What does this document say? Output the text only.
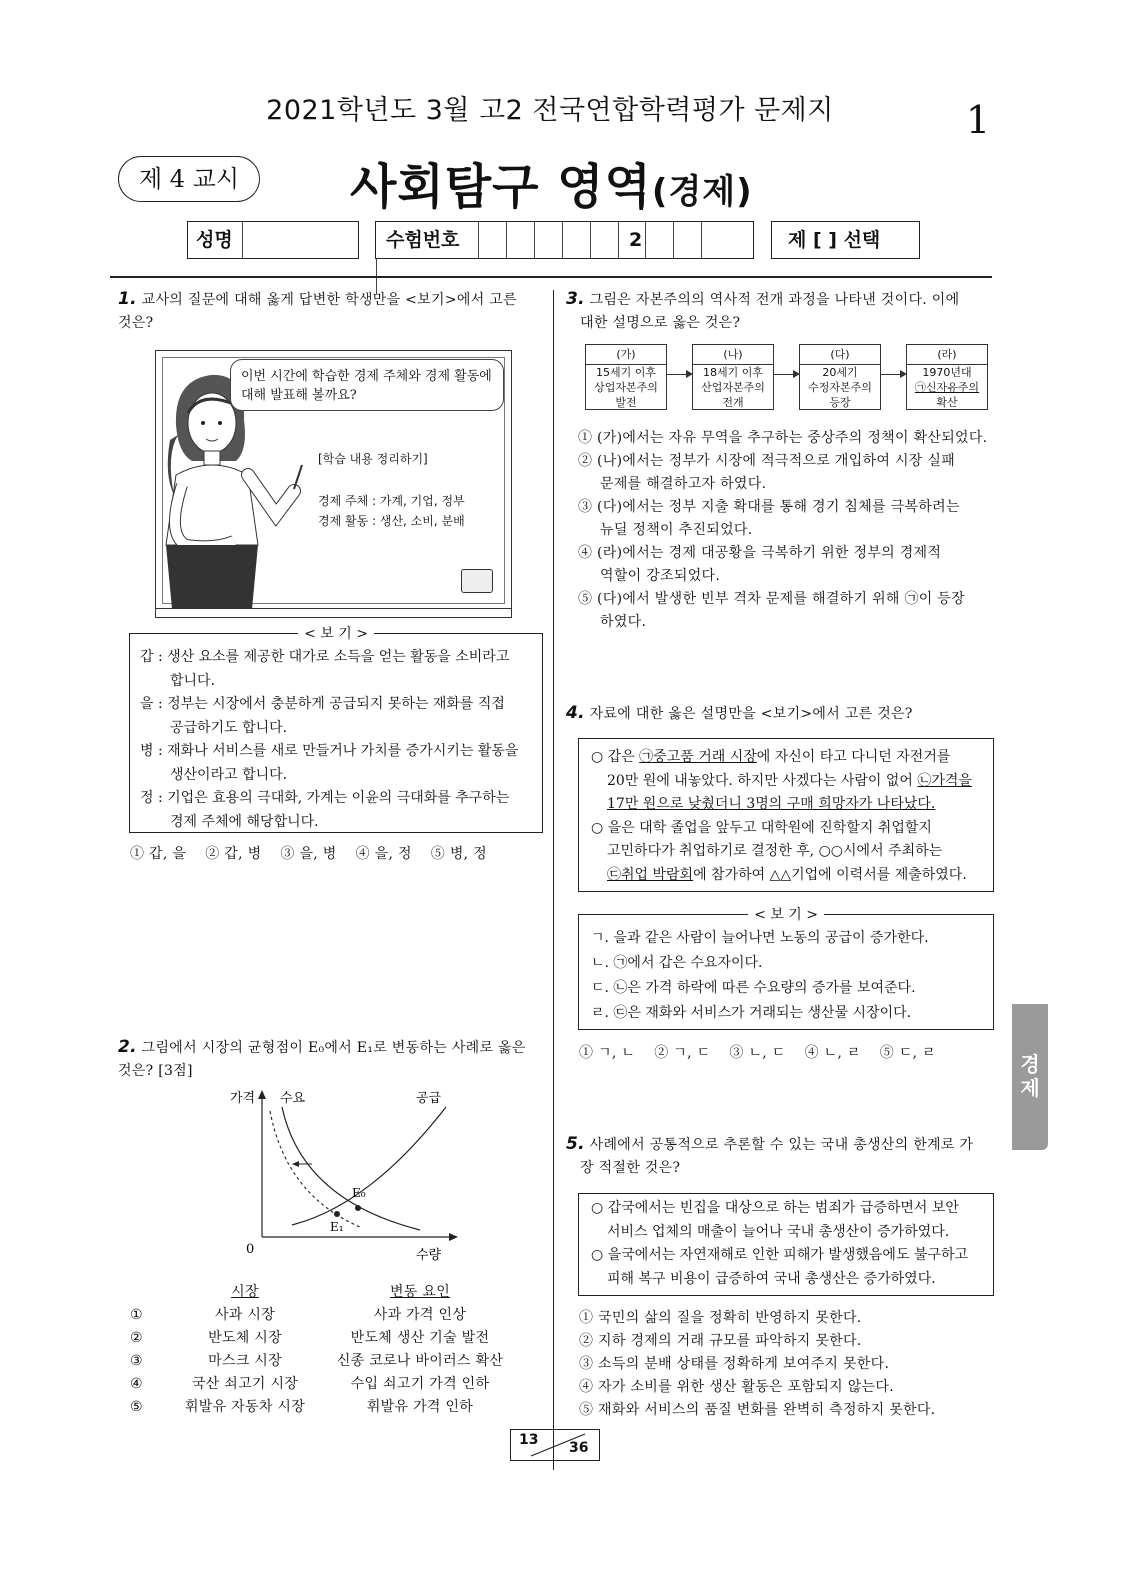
2021학년도 3월 고2 전국연합학력평가 문제지	1
제 4 교시	사회탐구 영역(경제)
성명	수험번호	2	제 [ ] 선택
1. 교사의 질문에 대해 옳게 답변한 학생만을 <보기>에서 고른
것은?
이번 시간에 학습한 경제 주체와 경제 활동에
대해 발표해 볼까요?
[학습 내용 정리하기]
경제 주체 : 가계, 기업, 정부
경제 활동 : 생산, 소비, 분배
< 보 기 >
갑 : 생산 요소를 제공한 대가로 소득을 얻는 활동을 소비라고
합니다.
을 : 정부는 시장에서 충분하게 공급되지 못하는 재화를 직접
공급하기도 합니다.
병 : 재화나 서비스를 새로 만들거나 가치를 증가시키는 활동을
생산이라고 합니다.
정 : 기업은 효용의 극대화, 가계는 이윤의 극대화를 추구하는
경제 주체에 해당합니다.
① 갑, 을    ② 갑, 병    ③ 을, 병    ④ 을, 정    ⑤ 병, 정
2. 그림에서 시장의 균형점이 E₀에서 E₁로 변동하는 사례로 옳은
것은? [3점]
가격 수요	공급
E₀
E₁
0	수량
시장	변동 요인
①	사과 시장	사과 가격 인상
②	반도체 시장	반도체 생산 기술 발전
③	마스크 시장	신종 코로나 바이러스 확산
④	국산 쇠고기 시장	수입 쇠고기 가격 인하
⑤	휘발유 자동차 시장	휘발유 가격 인하
3. 그림은 자본주의의 역사적 전개 과정을 나타낸 것이다. 이에
대한 설명으로 옳은 것은?
(가)
15세기 이후
상업자본주의
발전
(나)
18세기 이후
산업자본주의
전개
(다)
20세기
수정자본주의
등장
(라)
1970년대
㉠신자유주의
확산
① (가)에서는 자유 무역을 추구하는 중상주의 정책이 확산되었다.
② (나)에서는 정부가 시장에 적극적으로 개입하여 시장 실패
문제를 해결하고자 하였다.
③ (다)에서는 정부 지출 확대를 통해 경기 침체를 극복하려는
뉴딜 정책이 추진되었다.
④ (라)에서는 경제 대공황을 극복하기 위한 정부의 경제적
역할이 강조되었다.
⑤ (다)에서 발생한 빈부 격차 문제를 해결하기 위해 ㉠이 등장
하였다.
4. 자료에 대한 옳은 설명만을 <보기>에서 고른 것은?
○ 갑은 ㉠중고품 거래 시장에 자신이 타고 다니던 자전거를
20만 원에 내놓았다. 하지만 사겠다는 사람이 없어 ㉡가격을
17만 원으로 낮췄더니 3명의 구매 희망자가 나타났다.
○ 을은 대학 졸업을 앞두고 대학원에 진학할지 취업할지
고민하다가 취업하기로 결정한 후, ○○시에서 주최하는
㉢취업 박람회에 참가하여 △△기업에 이력서를 제출하였다.
< 보 기 >
ㄱ. 을과 같은 사람이 늘어나면 노동의 공급이 증가한다.
ㄴ. ㉠에서 갑은 수요자이다.
ㄷ. ㉡은 가격 하락에 따른 수요량의 증가를 보여준다.
ㄹ. ㉢은 재화와 서비스가 거래되는 생산물 시장이다.
① ㄱ, ㄴ    ② ㄱ, ㄷ    ③ ㄴ, ㄷ    ④ ㄴ, ㄹ    ⑤ ㄷ, ㄹ
5. 사례에서 공통적으로 추론할 수 있는 국내 총생산의 한계로 가
장 적절한 것은?
○ 갑국에서는 빈집을 대상으로 하는 범죄가 급증하면서 보안
서비스 업체의 매출이 늘어나 국내 총생산이 증가하였다.
○ 을국에서는 자연재해로 인한 피해가 발생했음에도 불구하고
피해 복구 비용이 급증하여 국내 총생산은 증가하였다.
① 국민의 삶의 질을 정확히 반영하지 못한다.
② 지하 경제의 거래 규모를 파악하지 못한다.
③ 소득의 분배 상태를 정확하게 보여주지 못한다.
④ 자가 소비를 위한 생산 활동은 포함되지 않는다.
⑤ 재화와 서비스의 품질 변화를 완벽히 측정하지 못한다.
경
제
13 36
